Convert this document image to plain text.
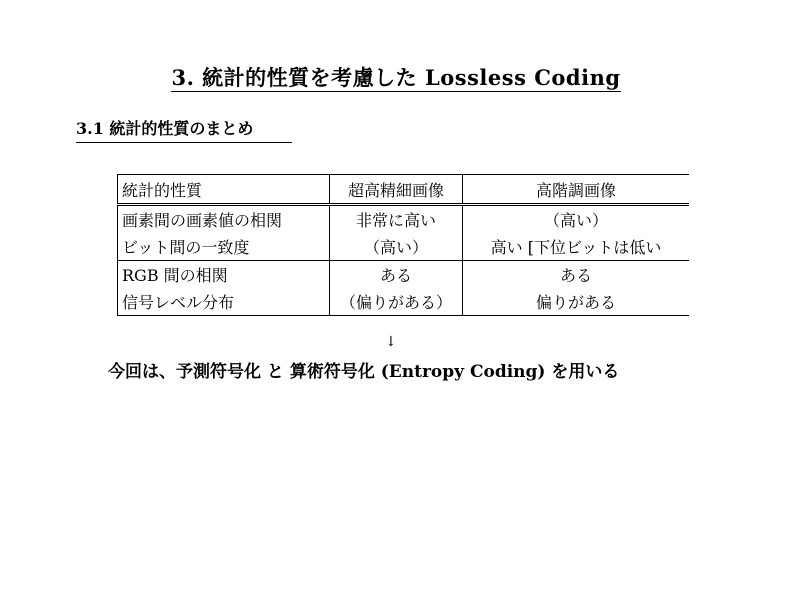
3. 統計的性質を考慮した Lossless Coding
3.1 統計的性質のまとめ
統計的性質	超高精細画像	高階調画像
画素間の画素値の相関	非常に高い	（高い）
ビット間の一致度	（高い）	高い [下位ビットは低い
RGB 間の相関	ある	ある
信号レベル分布	（偏りがある）	偏りがある
↓
今回は、予測符号化 と 算術符号化 (Entropy Coding) を用いる
